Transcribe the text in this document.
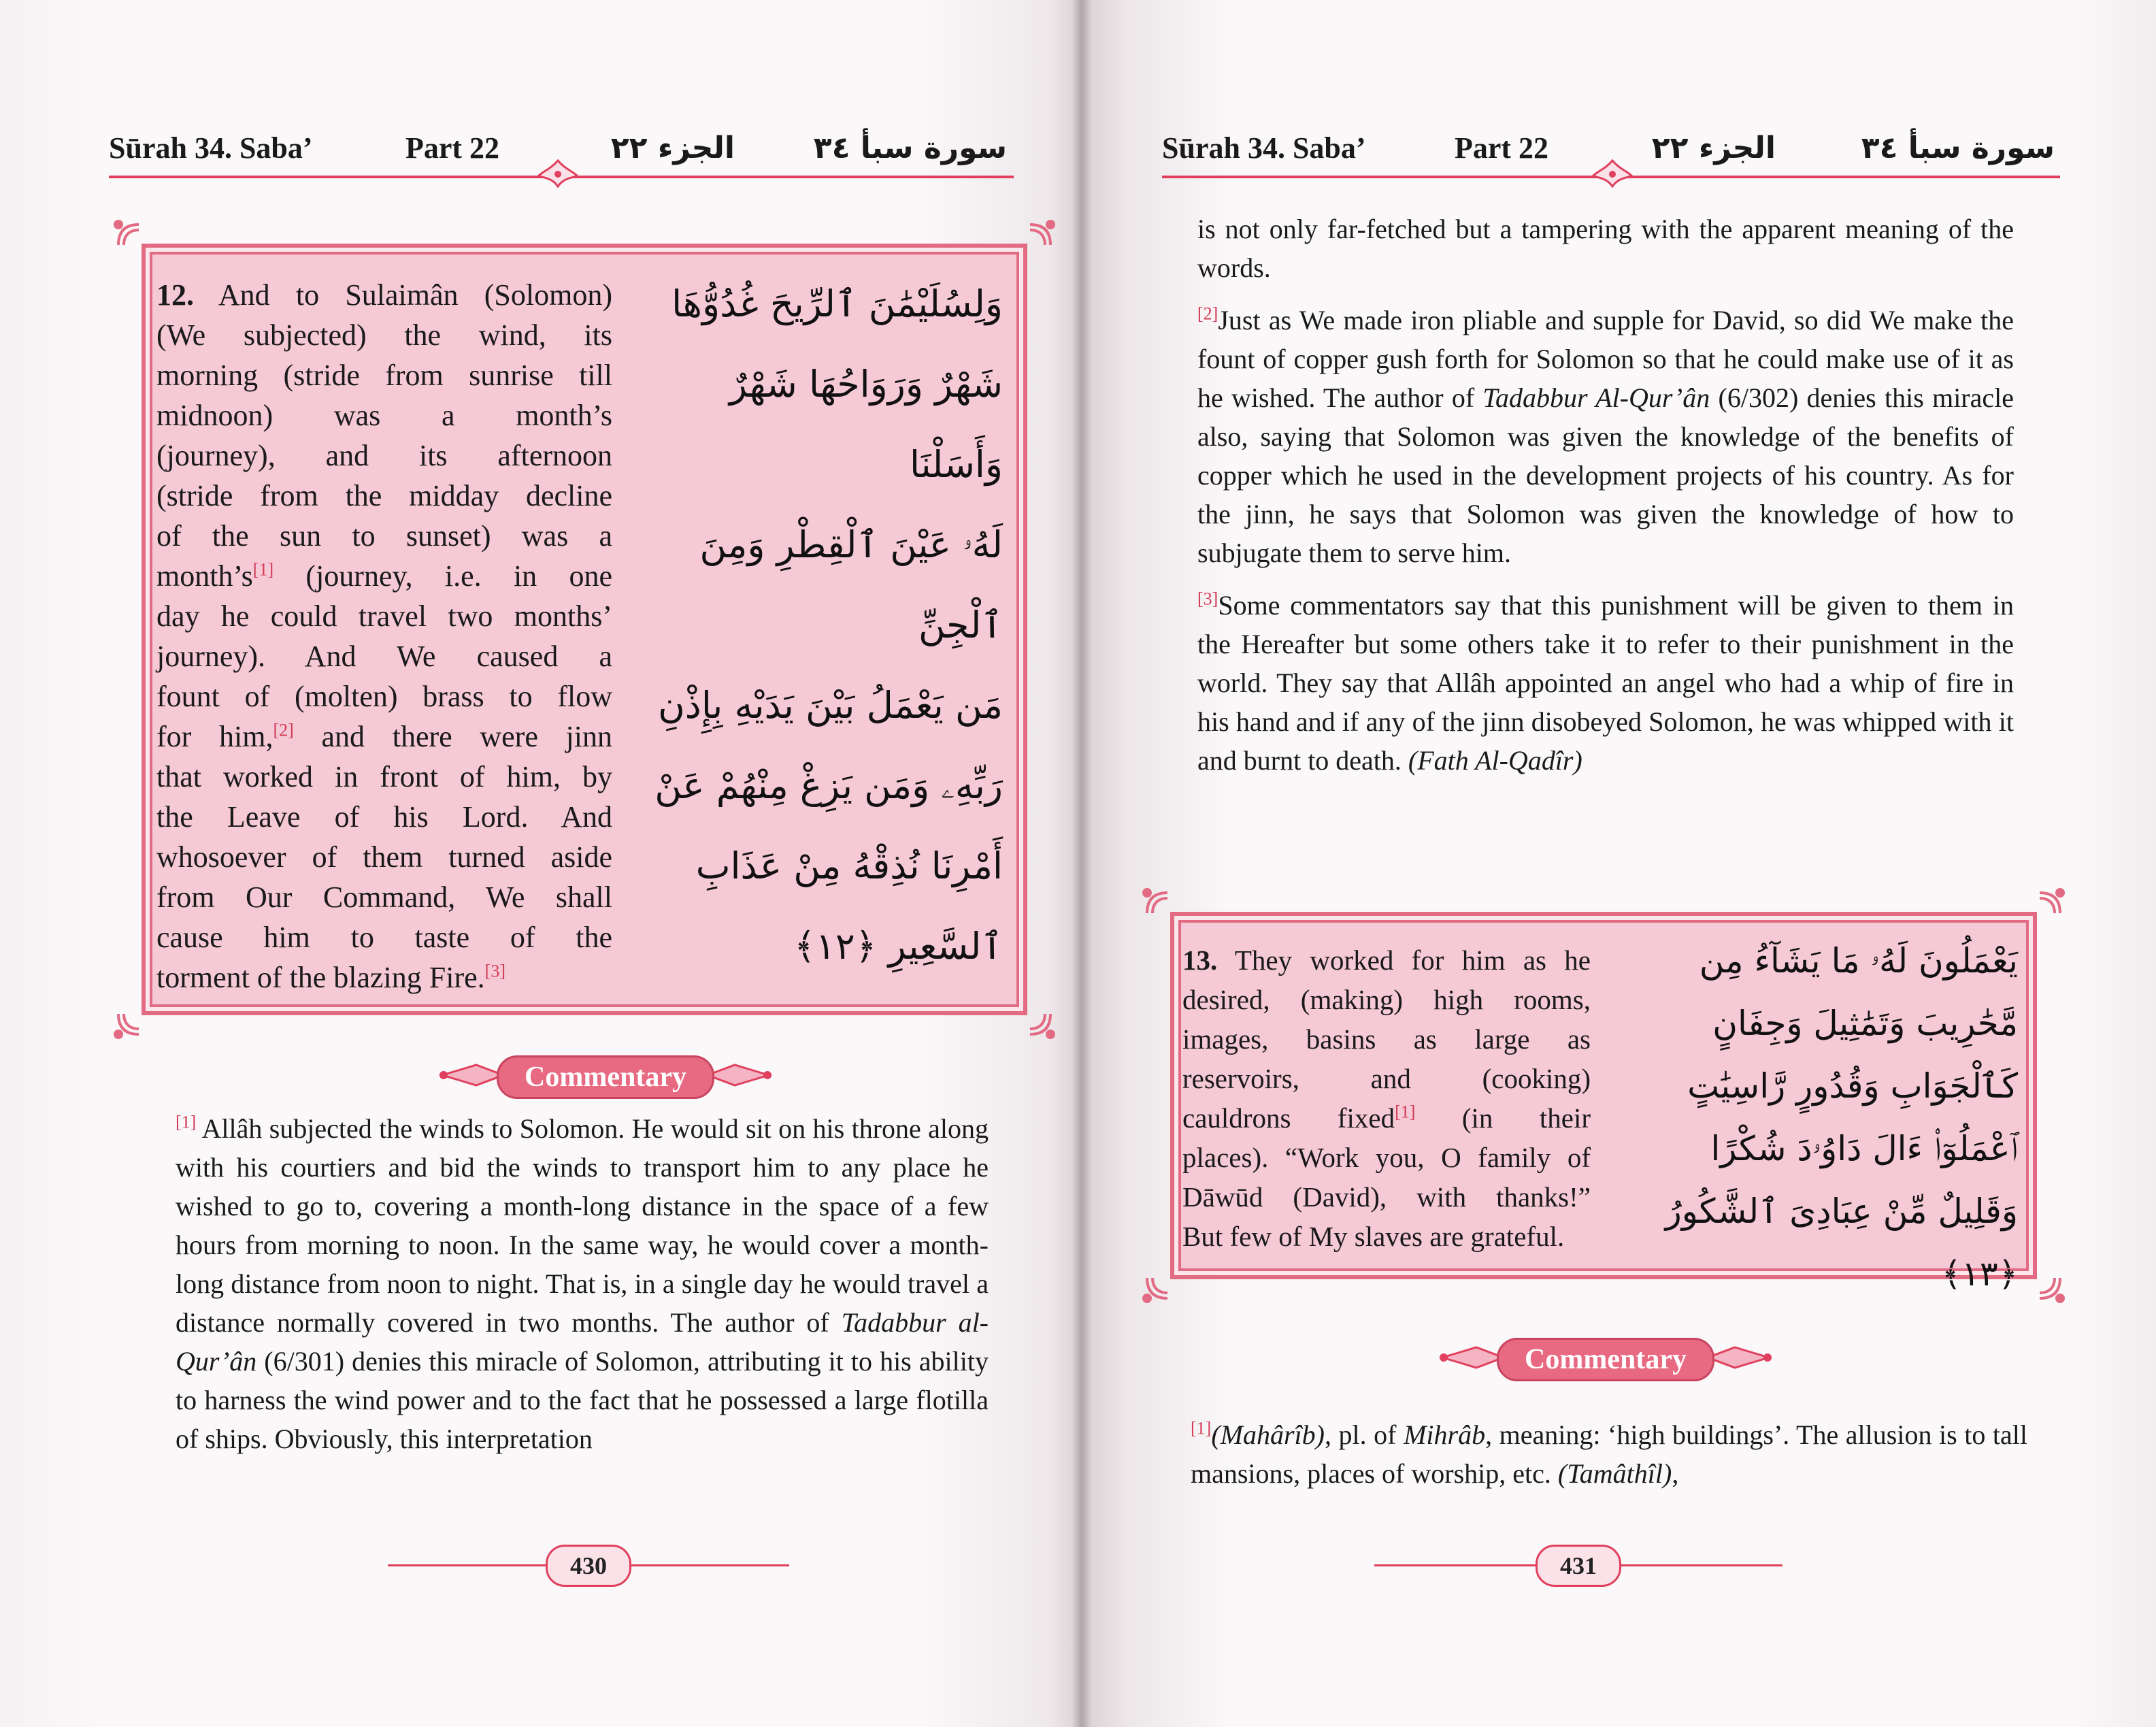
Sūrah 34. Saba’	Part 22	الجزء ٢٢	سورة سبأ ٣٤
12. And to Sulaimân (Solomon)
(We subjected) the wind, its
morning (stride from sunrise till
midnoon) was a month’s
(journey), and its afternoon
(stride from the midday decline
of the sun to sunset) was a
month’s[1] (journey, i.e. in one
day he could travel two months’
journey). And We caused a
fount of (molten) brass to flow
for him,[2] and there were jinn
that worked in front of him, by
the Leave of his Lord. And
whosoever of them turned aside
from Our Command, We shall
cause him to taste of the
torment of the blazing Fire.[3]
وَلِسُلَيْمَٰنَ ٱلرِّيحَ غُدُوُّهَا
شَهْرٌ وَرَوَاحُهَا شَهْرٌ وَأَسَلْنَا
لَهُۥ عَيْنَ ٱلْقِطْرِ وَمِنَ ٱلْجِنِّ
مَن يَعْمَلُ بَيْنَ يَدَيْهِ بِإِذْنِ
رَبِّهِۦ وَمَن يَزِغْ مِنْهُمْ عَنْ
أَمْرِنَا نُذِقْهُ مِنْ عَذَابِ
ٱلسَّعِيرِ ﴿١٢﴾
Commentary

[1] Allâh subjected the winds to Solomon. He would sit on his throne along with his courtiers and bid the winds to transport him to any place he wished to go to, covering a month-long distance in the space of a few hours from morning to noon. In the same way, he would cover a month-long distance from noon to night. That is, in a single day he would travel a distance normally covered in two months. The author of Tadabbur al-Qur’ân (6/301) denies this miracle of Solomon, attributing it to his ability to harness the wind power and to the fact that he possessed a large flotilla of ships. Obviously, this interpretation

430
Sūrah 34. Saba’	Part 22	الجزء ٢٢	سورة سبأ ٣٤

is not only far-fetched but a tampering with the apparent meaning of the words.

[2]Just as We made iron pliable and supple for David, so did We make the fount of copper gush forth for Solomon so that he could make use of it as he wished. The author of Tadabbur Al-Qur’ân (6/302) denies this miracle also, saying that Solomon was given the knowledge of the benefits of copper which he used in the development projects of his country. As for the jinn, he says that Solomon was given the knowledge of how to subjugate them to serve him.

[3]Some commentators say that this punishment will be given to them in the Hereafter but some others take it to refer to their punishment in the world. They say that Allâh appointed an angel who had a whip of fire in his hand and if any of the jinn disobeyed Solomon, he was whipped with it and burnt to death. (Fath Al-Qadîr)

13. They worked for him as he
desired, (making) high rooms,
images, basins as large as
reservoirs, and (cooking)
cauldrons fixed[1] (in their
places). “Work you, O family of
Dāwūd (David), with thanks!”
But few of My slaves are grateful.
يَعْمَلُونَ لَهُۥ مَا يَشَآءُ مِن
مَّحَٰرِيبَ وَتَمَٰثِيلَ وَجِفَانٍ
كَٱلْجَوَابِ وَقُدُورٍ رَّاسِيَٰتٍ
ٱعْمَلُوٓا۟ ءَالَ دَاوُۥدَ شُكْرًا
وَقَلِيلٌ مِّنْ عِبَادِىَ ٱلشَّكُورُ ﴿١٣﴾
Commentary

[1](Mahârîb), pl. of Mihrâb, meaning: ‘high buildings’. The allusion is to tall mansions, places of worship, etc. (Tamâthîl),

431
